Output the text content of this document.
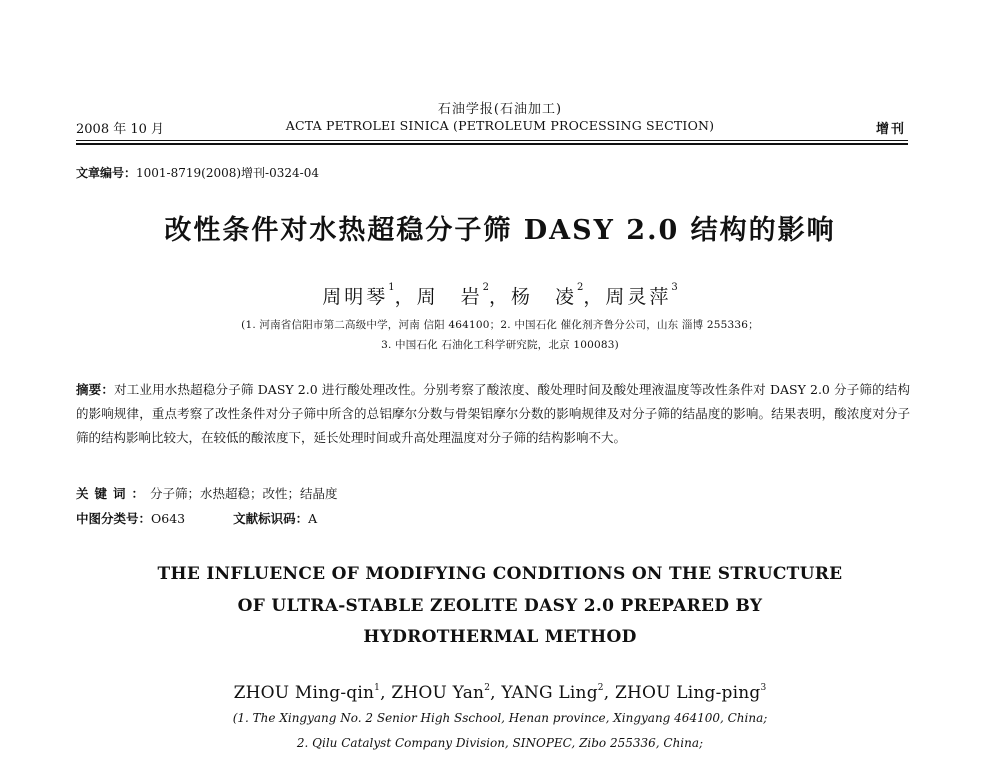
石油学报(石油加工)
2008 年 10 月	ACTA PETROLEI SINICA (PETROLEUM PROCESSING SECTION)	增刊
文章编号：1001-8719(2008)增刊-0324-04
改性条件对水热超稳分子筛 DASY 2.0 结构的影响
周明琴$^1$，周　岩$^2$，杨　凌$^2$，周灵萍$^3$
(1. 河南省信阳市第二高级中学，河南 信阳 464100；2. 中国石化 催化剂齐鲁分公司，山东 淄博 255336；
3. 中国石化 石油化工科学研究院，北京 100083)
摘要：对工业用水热超稳分子筛 DASY 2.0 进行酸处理改性。分别考察了酸浓度、酸处理时间及酸处理液温度等改性条件对 DASY 2.0 分子筛的结构的影响规律，重点考察了改性条件对分子筛中所含的总铝摩尔分数与骨架铝摩尔分数的影响规律及对分子筛的结晶度的影响。结果表明，酸浓度对分子筛的结构影响比较大，在较低的酸浓度下，延长处理时间或升高处理温度对分子筛的结构影响不大。
关键词：分子筛；水热超稳；改性；结晶度
中图分类号：O643	文献标识码：A
THE INFLUENCE OF MODIFYING CONDITIONS ON THE STRUCTURE
OF ULTRA-STABLE ZEOLITE DASY 2.0 PREPARED BY
HYDROTHERMAL METHOD
ZHOU Ming-qin$^1$, ZHOU Yan$^2$, YANG Ling$^2$, ZHOU Ling-ping$^3$
(1. The Xingyang No. 2 Senior High Sschool, Henan province, Xingyang 464100, China;
2. Qilu Catalyst Company Division, SINOPEC, Zibo 255336, China;
